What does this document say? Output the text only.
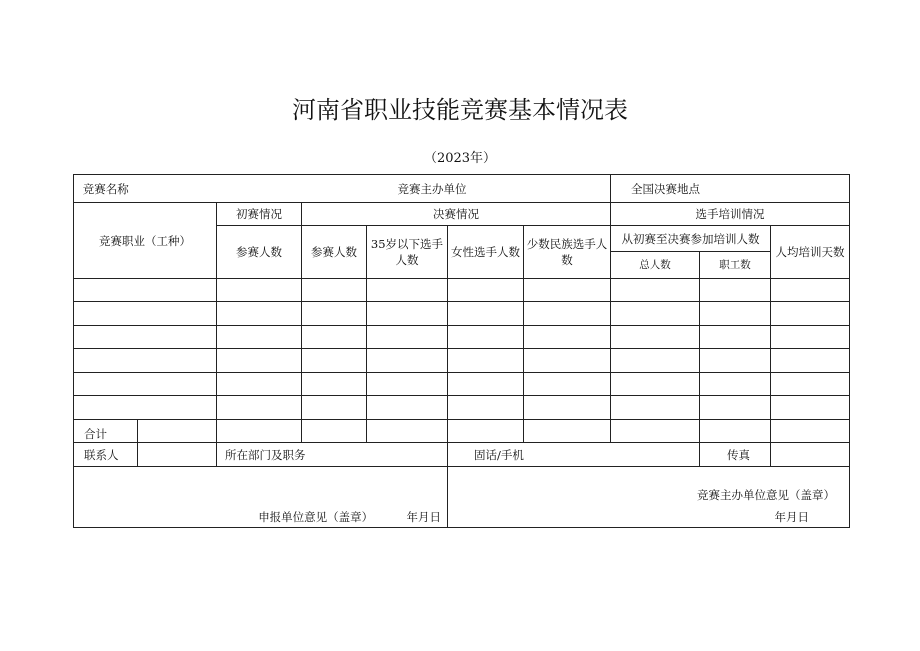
河南省职业技能竞赛基本情况表
（2023年）
竞赛名称	竞赛主办单位						全国决赛地点		
竞赛职业（工种）		初赛情况	决赛情况				选手培训情况		
		参赛人数	参赛人数	35岁以下选手人数	女性选手人数	少数民族选手人数	从初赛至决赛参加培训人数		人均培训天数
							总人数	职工数	

合计									
联系人		所在部门及职务			固话/手机			传真	

申报单位意见（盖章） 年月日					竞赛主办单位意见（盖章）
年月日				
